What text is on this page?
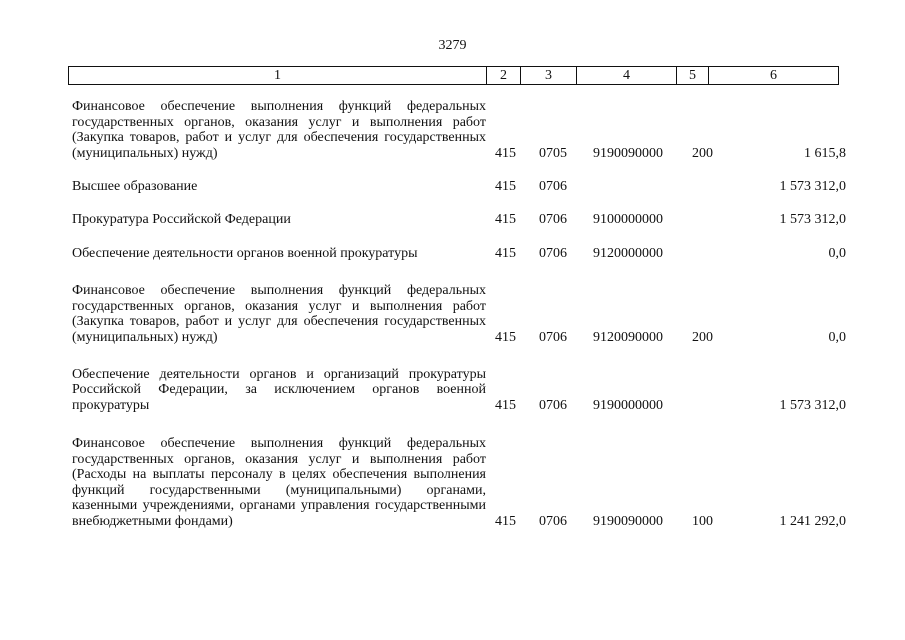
3279
1	2	3	4	5	6
Финансовое обеспечение выполнения функций федеральных государственных органов, оказания услуг и выполнения работ (Закупка товаров, работ и услуг для обеспечения государственных (муниципальных) нужд)	415 0705 9190090000 200	1 615,8
Высшее образование	415 0706	1 573 312,0
Прокуратура Российской Федерации	415 0706 9100000000	1 573 312,0
Обеспечение деятельности органов военной прокуратуры	415 0706 9120000000	0,0
Финансовое обеспечение выполнения функций федеральных государственных органов, оказания услуг и выполнения работ (Закупка товаров, работ и услуг для обеспечения государственных (муниципальных) нужд)	415 0706 9120090000 200	0,0
Обеспечение деятельности органов и организаций прокуратуры Российской Федерации, за исключением органов военной прокуратуры	415 0706 9190000000	1 573 312,0
Финансовое обеспечение выполнения функций федеральных государственных органов, оказания услуг и выполнения работ (Расходы на выплаты персоналу в целях обеспечения выполнения функций государственными (муниципальными) органами, казенными учреждениями, органами управления государственными внебюджетными фондами)	415 0706 9190090000 100	1 241 292,0
